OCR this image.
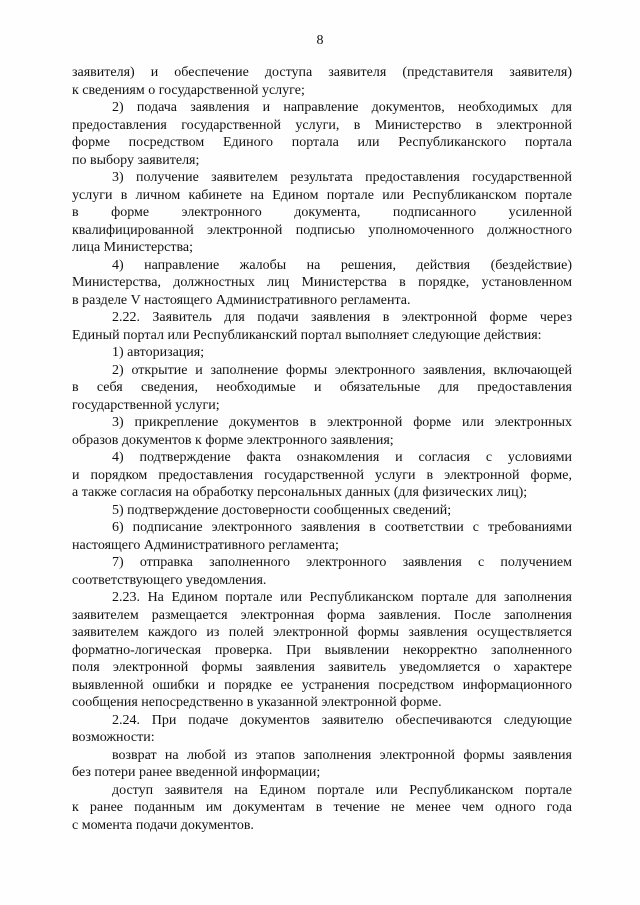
8
заявителя) и обеспечение доступа заявителя (представителя заявителя)
к сведениям о государственной услуге;
2) подача заявления и направление документов, необходимых для
предоставления государственной услуги, в Министерство в электронной
форме посредством Единого портала или Республиканского портала
по выбору заявителя;
3) получение заявителем результата предоставления государственной
услуги в личном кабинете на Едином портале или Республиканском портале
в форме электронного документа, подписанного усиленной
квалифицированной электронной подписью уполномоченного должностного
лица Министерства;
4) направление жалобы на решения, действия (бездействие)
Министерства, должностных лиц Министерства в порядке, установленном
в разделе V настоящего Административного регламента.
2.22. Заявитель для подачи заявления в электронной форме через
Единый портал или Республиканский портал выполняет следующие действия:
1) авторизация;
2) открытие и заполнение формы электронного заявления, включающей
в себя сведения, необходимые и обязательные для предоставления
государственной услуги;
3) прикрепление документов в электронной форме или электронных
образов документов к форме электронного заявления;
4) подтверждение факта ознакомления и согласия с условиями
и порядком предоставления государственной услуги в электронной форме,
а также согласия на обработку персональных данных (для физических лиц);
5) подтверждение достоверности сообщенных сведений;
6) подписание электронного заявления в соответствии с требованиями
настоящего Административного регламента;
7) отправка заполненного электронного заявления с получением
соответствующего уведомления.
2.23. На Едином портале или Республиканском портале для заполнения
заявителем размещается электронная форма заявления. После заполнения
заявителем каждого из полей электронной формы заявления осуществляется
форматно-логическая проверка. При выявлении некорректно заполненного
поля электронной формы заявления заявитель уведомляется о характере
выявленной ошибки и порядке ее устранения посредством информационного
сообщения непосредственно в указанной электронной форме.
2.24. При подаче документов заявителю обеспечиваются следующие
возможности:
возврат на любой из этапов заполнения электронной формы заявления
без потери ранее введенной информации;
доступ заявителя на Едином портале или Республиканском портале
к ранее поданным им документам в течение не менее чем одного года
с момента подачи документов.
